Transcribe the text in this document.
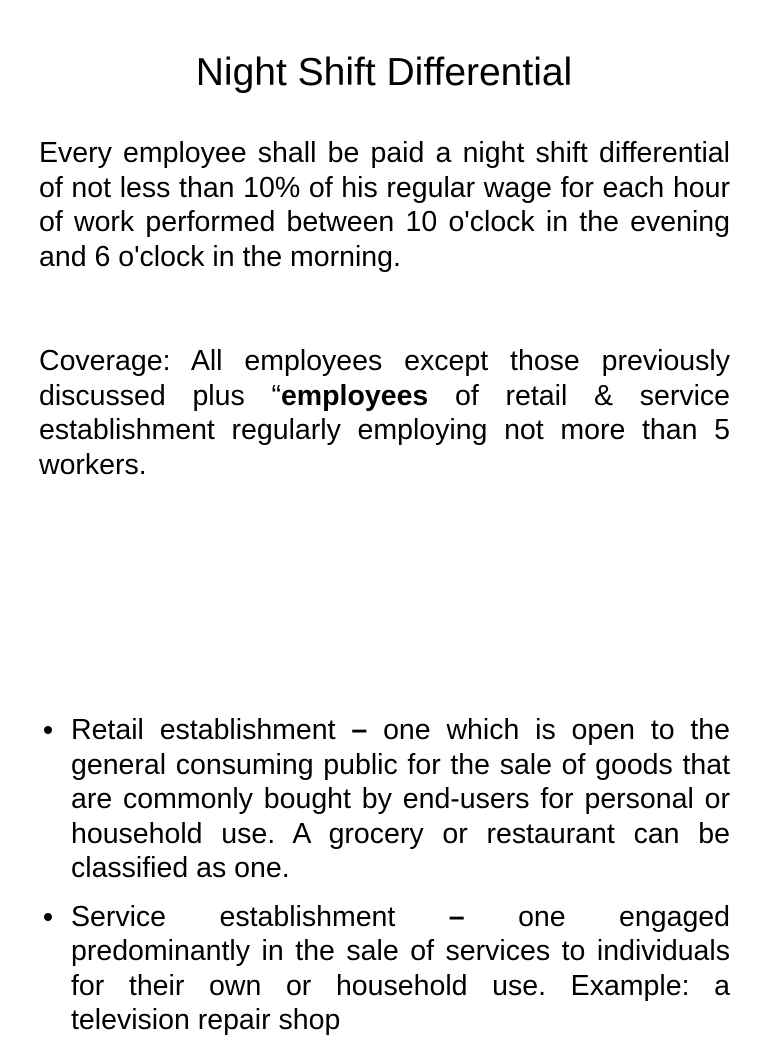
Night Shift Differential

Every employee shall be paid a night shift differential of not less than 10% of his regular wage for each hour of work performed between 10 o'clock in the evening and 6 o'clock in the morning.

Coverage: All employees except those previously discussed plus “employees of retail & service establishment regularly employing not more than 5 workers.

Retail establishment – one which is open to the general consuming public for the sale of goods that are commonly bought by end-users for personal or household use. A grocery or restaurant can be classified as one.
Service establishment – one engaged predominantly in the sale of services to individuals for their own or household use. Example: a television repair shop
